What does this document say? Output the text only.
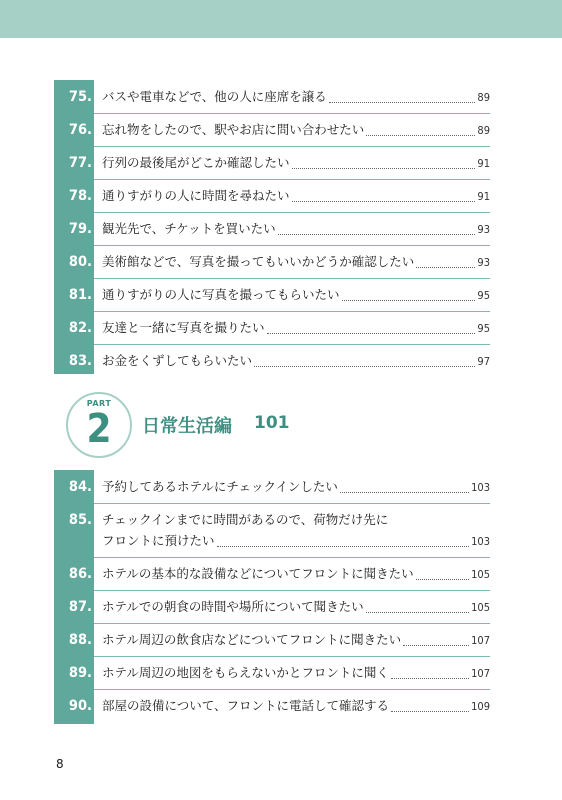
75. バスや電車などで、他の人に座席を譲る	89
76. 忘れ物をしたので、駅やお店に問い合わせたい	89
77. 行列の最後尾がどこか確認したい	91
78. 通りすがりの人に時間を尋ねたい	91
79. 観光先で、チケットを買いたい	93
80. 美術館などで、写真を撮ってもいいかどうか確認したい	93
81. 通りすがりの人に写真を撮ってもらいたい	95
82. 友達と一緒に写真を撮りたい	95
83. お金をくずしてもらいたい	97
PART
2	日常生活編 101
84. 予約してあるホテルにチェックインしたい	103
85. チェックインまでに時間があるので、荷物だけ先に
フロントに預けたい	103
86. ホテルの基本的な設備などについてフロントに聞きたい	105
87. ホテルでの朝食の時間や場所について聞きたい	105
88. ホテル周辺の飲食店などについてフロントに聞きたい	107
89. ホテル周辺の地図をもらえないかとフロントに聞く	107
90. 部屋の設備について、フロントに電話して確認する	109
8
